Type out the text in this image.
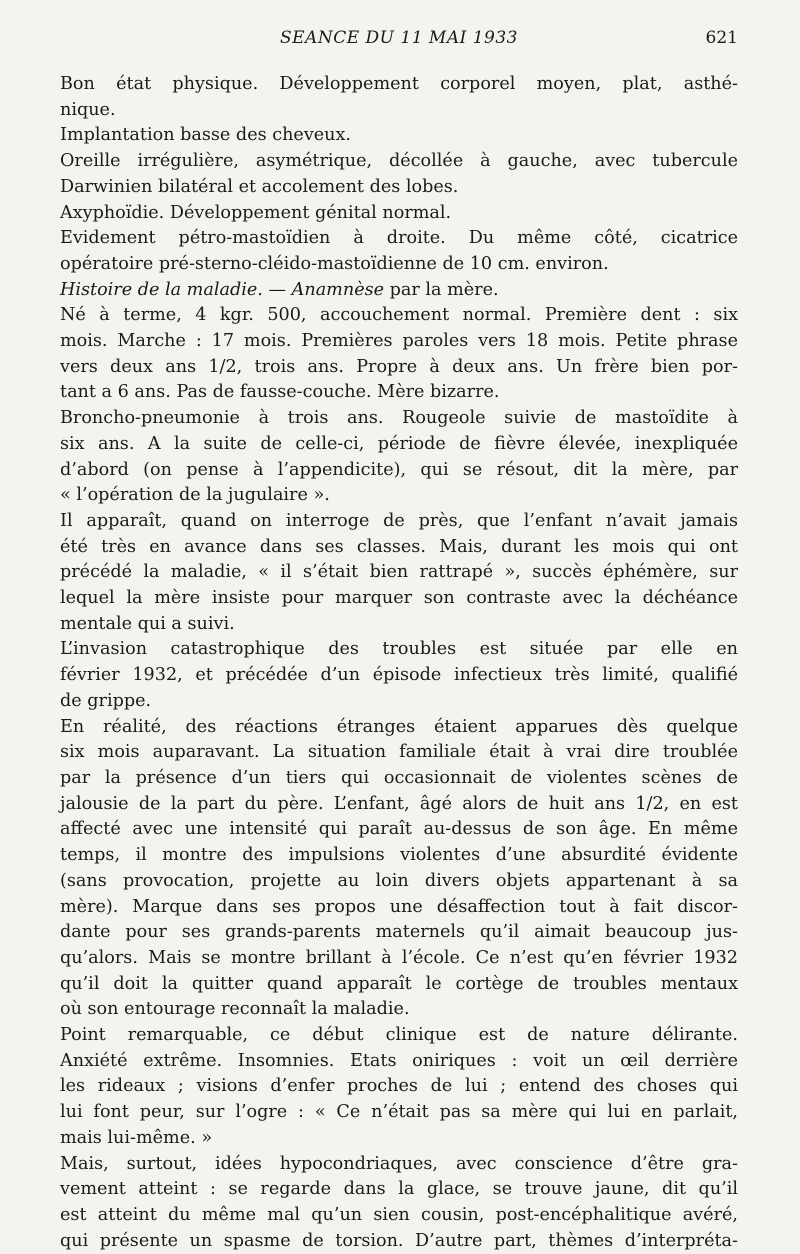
SEANCE DU 11 MAI 1933	621
Bon état physique. Développement corporel moyen, plat, asthé-
nique.
Implantation basse des cheveux.
Oreille irrégulière, asymétrique, décollée à gauche, avec tubercule
Darwinien bilatéral et accolement des lobes.
Axyphoïdie. Développement génital normal.
Evidement pétro-mastoïdien à droite. Du même côté, cicatrice
opératoire pré-sterno-cléido-mastoïdienne de 10 cm. environ.
Histoire de la maladie. — Anamnèse par la mère.
Né à terme, 4 kgr. 500, accouchement normal. Première dent : six
mois. Marche : 17 mois. Premières paroles vers 18 mois. Petite phrase
vers deux ans 1/2, trois ans. Propre à deux ans. Un frère bien por-
tant a 6 ans. Pas de fausse-couche. Mère bizarre.
Broncho-pneumonie à trois ans. Rougeole suivie de mastoïdite à
six ans. A la suite de celle-ci, période de fièvre élevée, inexpliquée
d’abord (on pense à l’appendicite), qui se résout, dit la mère, par
« l’opération de la jugulaire ».
Il apparaît, quand on interroge de près, que l’enfant n’avait jamais
été très en avance dans ses classes. Mais, durant les mois qui ont
précédé la maladie, « il s’était bien rattrapé », succès éphémère, sur
lequel la mère insiste pour marquer son contraste avec la déchéance
mentale qui a suivi.
L’invasion catastrophique des troubles est située par elle en
février 1932, et précédée d’un épisode infectieux très limité, qualifié
de grippe.
En réalité, des réactions étranges étaient apparues dès quelque
six mois auparavant. La situation familiale était à vrai dire troublée
par la présence d’un tiers qui occasionnait de violentes scènes de
jalousie de la part du père. L’enfant, âgé alors de huit ans 1/2, en est
affecté avec une intensité qui paraît au-dessus de son âge. En même
temps, il montre des impulsions violentes d’une absurdité évidente
(sans provocation, projette au loin divers objets appartenant à sa
mère). Marque dans ses propos une désaffection tout à fait discor-
dante pour ses grands-parents maternels qu’il aimait beaucoup jus-
qu’alors. Mais se montre brillant à l’école. Ce n’est qu’en février 1932
qu’il doit la quitter quand apparaît le cortège de troubles mentaux
où son entourage reconnaît la maladie.
Point remarquable, ce début clinique est de nature délirante.
Anxiété extrême. Insomnies. Etats oniriques : voit un œil derrière
les rideaux ; visions d’enfer proches de lui ; entend des choses qui
lui font peur, sur l’ogre : « Ce n’était pas sa mère qui lui en parlait,
mais lui-même. »
Mais, surtout, idées hypocondriaques, avec conscience d’être gra-
vement atteint : se regarde dans la glace, se trouve jaune, dit qu’il
est atteint du même mal qu’un sien cousin, post-encéphalitique avéré,
qui présente un spasme de torsion. D’autre part, thèmes d’interpréta-
